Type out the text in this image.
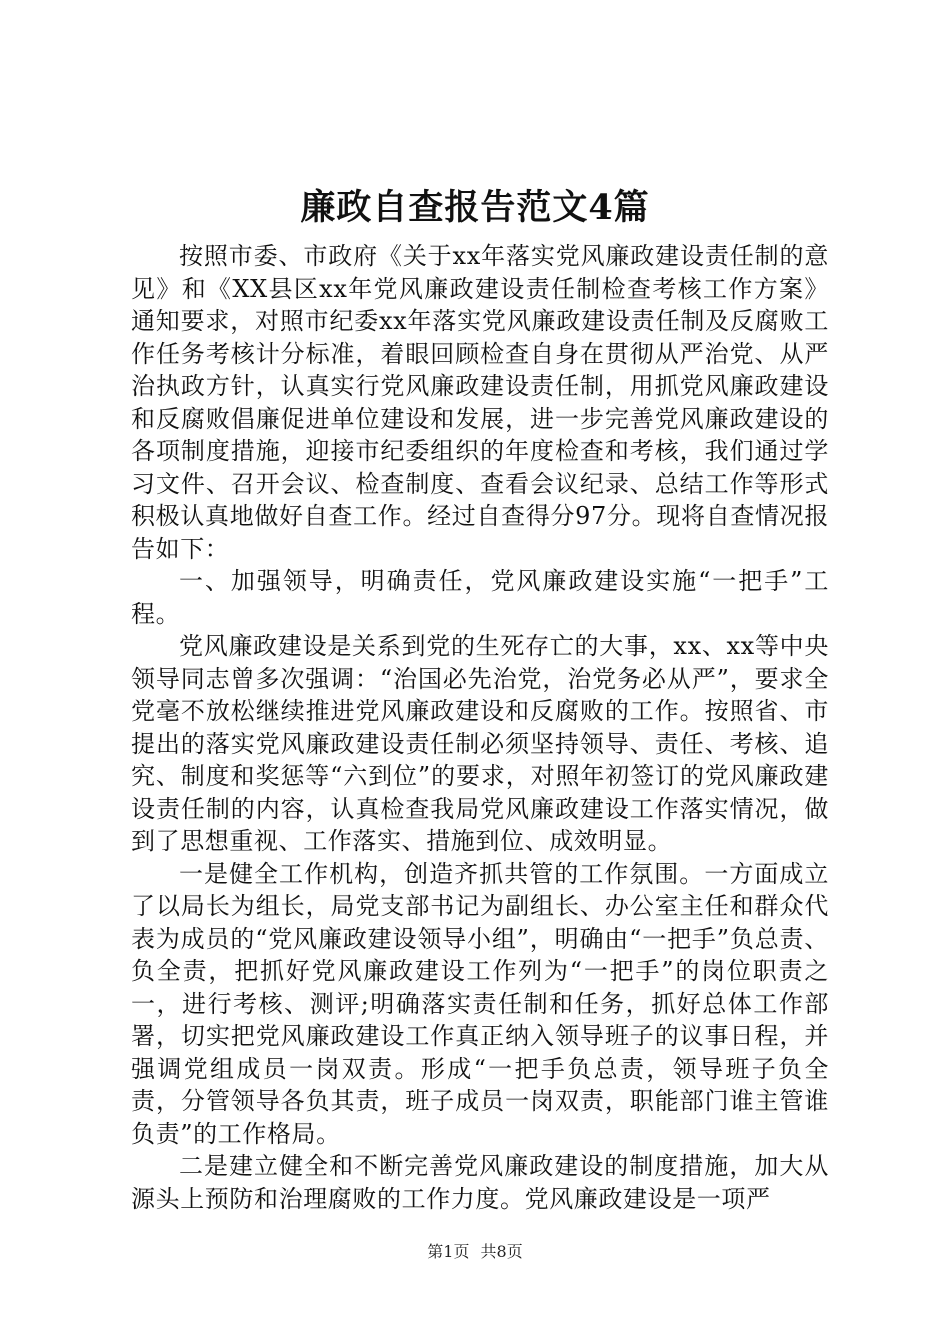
廉政自查报告范文4篇

按照市委、市政府《关于xx年落实党风廉政建设责任制的意见》和《XX县区xx年党风廉政建设责任制检查考核工作方案》通知要求，对照市纪委xx年落实党风廉政建设责任制及反腐败工作任务考核计分标准，着眼回顾检查自身在贯彻从严治党、从严治执政方针，认真实行党风廉政建设责任制，用抓党风廉政建设和反腐败倡廉促进单位建设和发展，进一步完善党风廉政建设的各项制度措施，迎接市纪委组织的年度检查和考核，我们通过学习文件、召开会议、检查制度、查看会议纪录、总结工作等形式积极认真地做好自查工作。经过自查得分97分。现将自查情况报告如下：

一、加强领导，明确责任，党风廉政建设实施“一把手”工程。

党风廉政建设是关系到党的生死存亡的大事，xx、xx等中央领导同志曾多次强调：“治国必先治党，治党务必从严”，要求全党毫不放松继续推进党风廉政建设和反腐败的工作。按照省、市提出的落实党风廉政建设责任制必须坚持领导、责任、考核、追究、制度和奖惩等“六到位”的要求，对照年初签订的党风廉政建设责任制的内容，认真检查我局党风廉政建设工作落实情况，做到了思想重视、工作落实、措施到位、成效明显。

一是健全工作机构，创造齐抓共管的工作氛围。一方面成立了以局长为组长，局党支部书记为副组长、办公室主任和群众代表为成员的“党风廉政建设领导小组”，明确由“一把手”负总责、负全责，把抓好党风廉政建设工作列为“一把手”的岗位职责之一，进行考核、测评;明确落实责任制和任务，抓好总体工作部署，切实把党风廉政建设工作真正纳入领导班子的议事日程，并强调党组成员一岗双责。形成“一把手负总责，领导班子负全责，分管领导各负其责，班子成员一岗双责，职能部门谁主管谁负责”的工作格局。

二是建立健全和不断完善党风廉政建设的制度措施，加大从源头上预防和治理腐败的工作力度。党风廉政建设是一项严

第1页 共8页
